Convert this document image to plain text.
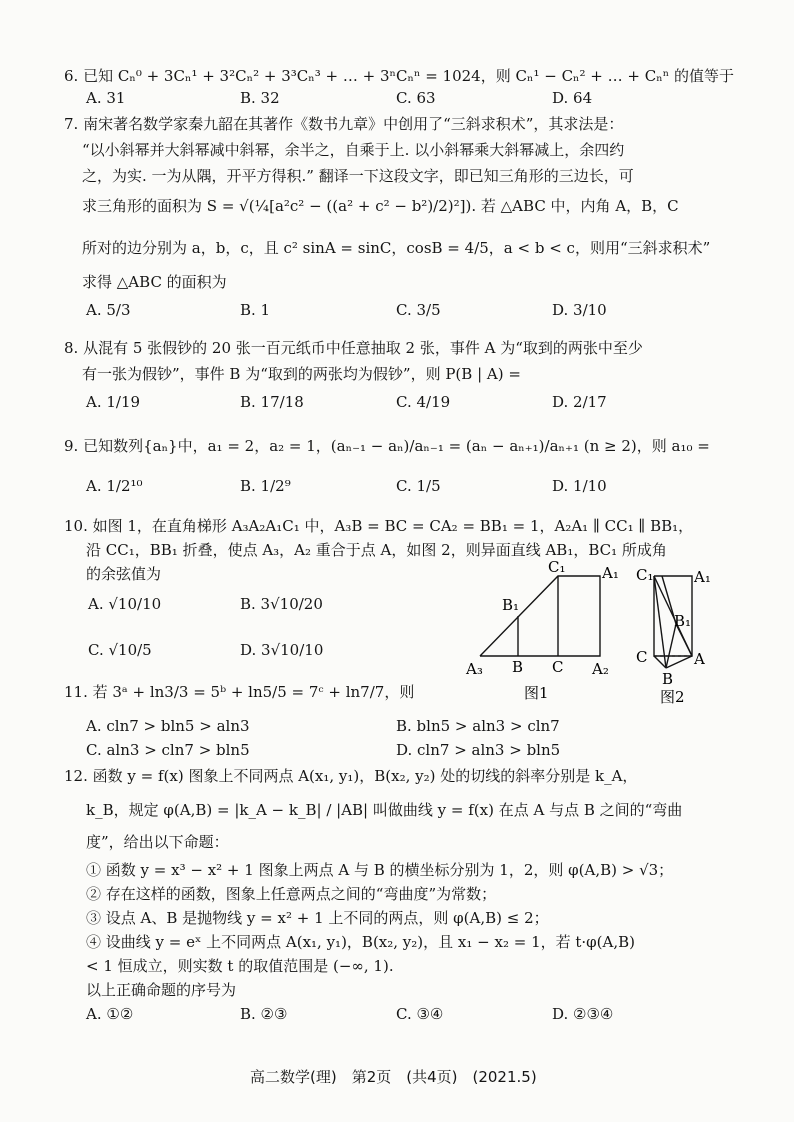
6. 已知 Cₙ⁰ + 3Cₙ¹ + 3²Cₙ² + 3³Cₙ³ + … + 3ⁿCₙⁿ = 1024，则 Cₙ¹ − Cₙ² + … + Cₙⁿ 的值等于
A. 31	B. 32	C. 63	D. 64
7. 南宋著名数学家秦九韶在其著作《数书九章》中创用了“三斜求积术”，其求法是：
“以小斜幂并大斜幂减中斜幂，余半之，自乘于上. 以小斜幂乘大斜幂减上，余四约
之，为实. 一为从隅，开平方得积.” 翻译一下这段文字，即已知三角形的三边长，可
求三角形的面积为 S = √(¼[a²c² − ((a² + c² − b²)/2)²]). 若 △ABC 中，内角 A，B，C
所对的边分别为 a，b，c，且 c² sinA = sinC，cosB = 4/5，a < b < c，则用“三斜求积术”
求得 △ABC 的面积为
A. 5/3	B. 1	C. 3/5	D. 3/10
8. 从混有 5 张假钞的 20 张一百元纸币中任意抽取 2 张，事件 A 为“取到的两张中至少
有一张为假钞”，事件 B 为“取到的两张均为假钞”，则 P(B | A) =
A. 1/19	B. 17/18	C. 4/19	D. 2/17
9. 已知数列{aₙ}中，a₁ = 2，a₂ = 1，(aₙ₋₁ − aₙ)/aₙ₋₁ = (aₙ − aₙ₊₁)/aₙ₊₁ (n ≥ 2)，则 a₁₀ =
A. 1/2¹⁰	B. 1/2⁹	C. 1/5	D. 1/10
10. 如图 1，在直角梯形 A₃A₂A₁C₁ 中，A₃B = BC = CA₂ = BB₁ = 1，A₂A₁ ∥ CC₁ ∥ BB₁，
沿 CC₁，BB₁ 折叠，使点 A₃，A₂ 重合于点 A，如图 2，则异面直线 AB₁，BC₁ 所成角
的余弦值为
A. √10/10	B. 3√10/20
C. √10/5	D. 3√10/10
C₁ A₁
B₁
A₃ B C A₂
图1
C₁	A₁
B₁
C	A
B
图2
11. 若 3ᵃ + ln3/3 = 5ᵇ + ln5/5 = 7ᶜ + ln7/7，则
A. cln7 > bln5 > aln3	B. bln5 > aln3 > cln7
C. aln3 > cln7 > bln5	D. cln7 > aln3 > bln5
12. 函数 y = f(x) 图象上不同两点 A(x₁, y₁)，B(x₂, y₂) 处的切线的斜率分别是 k_A，
k_B，规定 φ(A,B) = |k_A − k_B| / |AB| 叫做曲线 y = f(x) 在点 A 与点 B 之间的“弯曲
度”，给出以下命题：
① 函数 y = x³ − x² + 1 图象上两点 A 与 B 的横坐标分别为 1，2，则 φ(A,B) > √3；
② 存在这样的函数，图象上任意两点之间的“弯曲度”为常数；
③ 设点 A、B 是抛物线 y = x² + 1 上不同的两点，则 φ(A,B) ≤ 2；
④ 设曲线 y = eˣ 上不同两点 A(x₁, y₁)，B(x₂, y₂)，且 x₁ − x₂ = 1，若 t·φ(A,B)
< 1 恒成立，则实数 t 的取值范围是 (−∞, 1).
以上正确命题的序号为
A. ①②	B. ②③	C. ③④	D. ②③④
高二数学(理)　第2页　(共4页)　(2021.5)
